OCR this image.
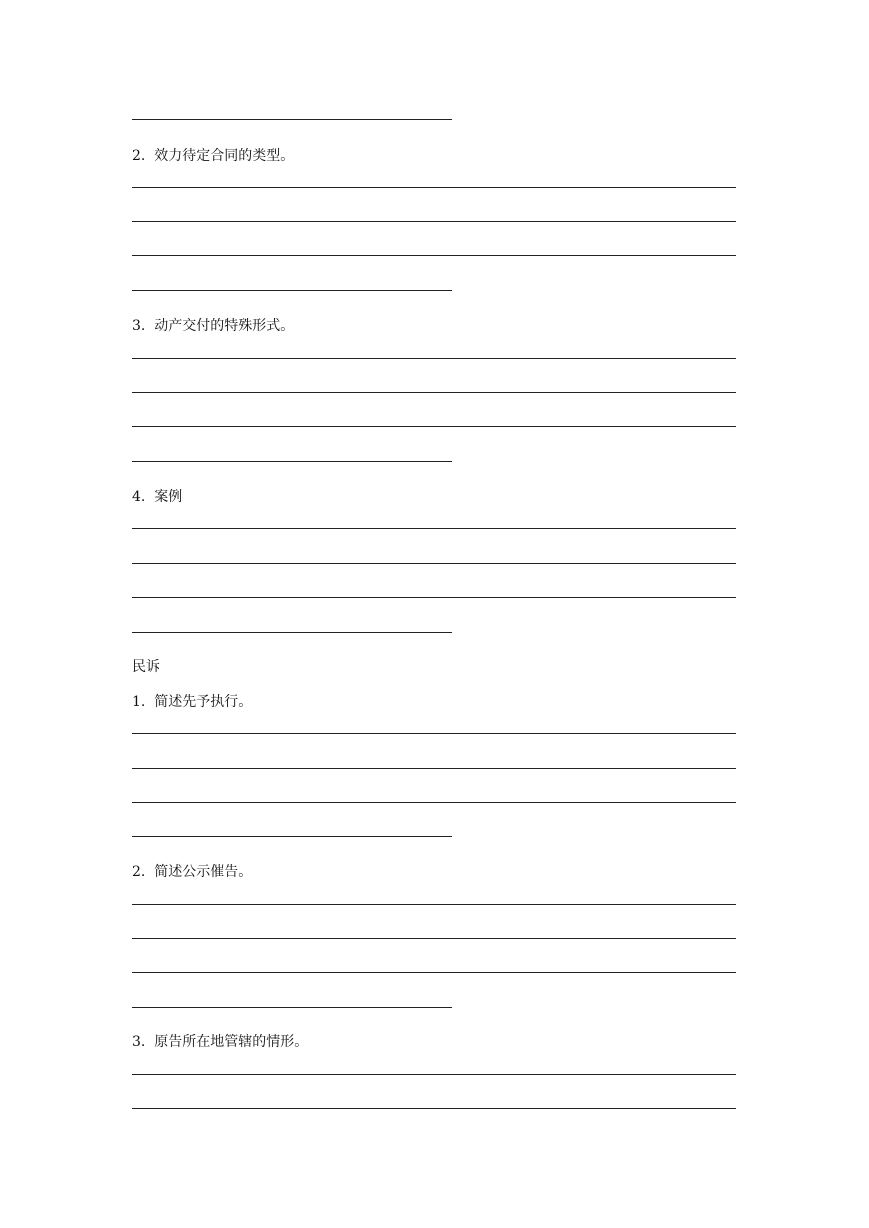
2. 效力待定合同的类型。
3. 动产交付的特殊形式。
4. 案例
民诉
1. 简述先予执行。
2. 简述公示催告。
3. 原告所在地管辖的情形。
